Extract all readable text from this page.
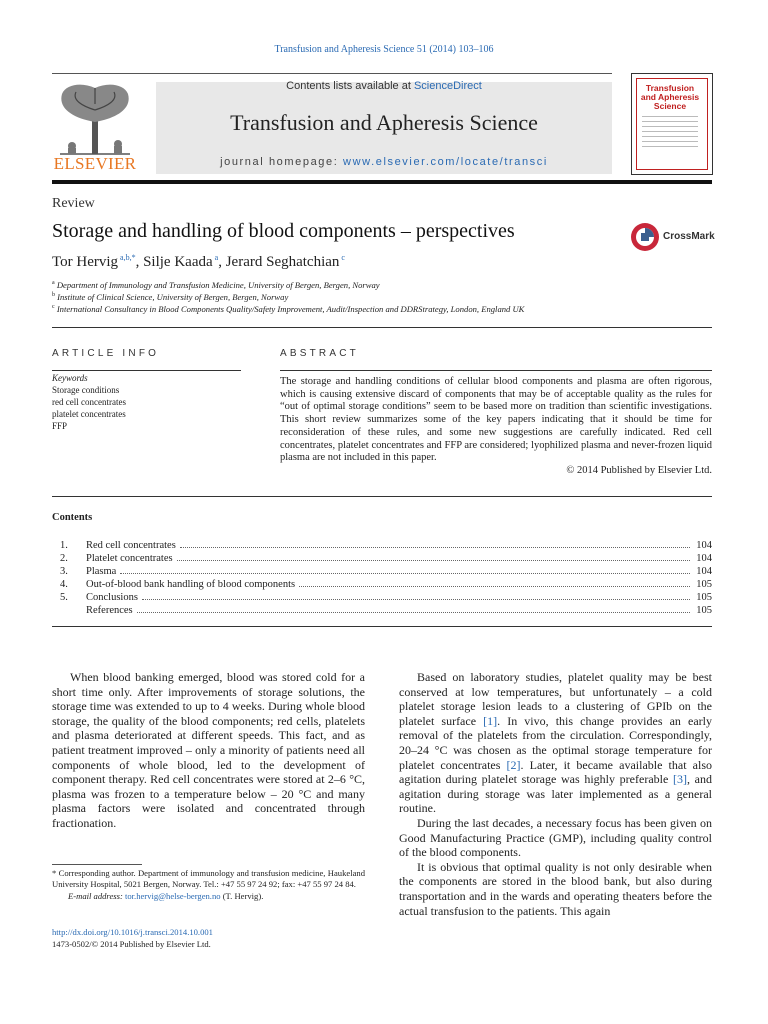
Transfusion and Apheresis Science 51 (2014) 103–106
ELSEVIER
Contents lists available at ScienceDirect
Transfusion and Apheresis Science
journal homepage: www.elsevier.com/locate/transci
Transfusion and Apheresis Science
Review
Storage and handling of blood components – perspectives	CrossMark
Tor Hervig $^{a,b,*}$, Silje Kaada $^a$, Jerard Seghatchian $^c$
$^a$ Department of Immunology and Transfusion Medicine, University of Bergen, Bergen, Norway
$^b$ Institute of Clinical Science, University of Bergen, Bergen, Norway
$^c$ International Consultancy in Blood Components Quality/Safety Improvement, Audit/Inspection and DDRStrategy, London, England UK
ARTICLE INFO	ABSTRACT
Keywords
Storage conditions
red cell concentrates
platelet concentrates
FFP
The storage and handling conditions of cellular blood components and plasma are often rigorous, which is causing extensive discard of components that may be of acceptable quality as the rules for “out of optimal storage conditions” seem to be based more on tradition than scientific investigations. This short review summarizes some of the key papers indicating that it should be time for reconsideration of these rules, and some new suggestions are carefully indicated. Red cell concentrates, platelet concentrates and FFP are considered; lyophilized plasma and never-frozen liquid plasma are not included in this paper.
© 2014 Published by Elsevier Ltd.
Contents
1.	Red cell concentrates	104
2.	Platelet concentrates	104
3.	Plasma	104
4.	Out-of-blood bank handling of blood components	105
5.	Conclusions	105
References	105

When blood banking emerged, blood was stored cold for a short time only. After improvements of storage solutions, the storage time was extended to up to 4 weeks. During whole blood storage, the quality of the blood components; red cells, platelets and plasma deteriorated at different speeds. This fact, and as patient treatment improved – only a minority of patients need all components of whole blood, led to the development of component therapy. Red cell concentrates were stored at 2–6 °C, plasma was frozen to a temperature below – 20 °C and many plasma factors were isolated and concentrated through fractionation.

Based on laboratory studies, platelet quality may be best conserved at low temperatures, but unfortunately – a cold platelet storage lesion leads to a clustering of GPIb on the platelet surface [1]. In vivo, this change provides an early removal of the platelets from the circulation. Correspondingly, 20–24 °C was chosen as the optimal storage temperature for platelet concentrates [2]. Later, it became available that also agitation during platelet storage was highly preferable [3], and agitation during storage was later implemented as a general routine.

During the last decades, a necessary focus has been given on Good Manufacturing Practice (GMP), including quality control of the blood components.

It is obvious that optimal quality is not only desirable when the components are stored in the blood bank, but also during transportation and in the wards and operating theaters before the actual transfusion to the patients. This again

* Corresponding author. Department of immunology and transfusion medicine, Haukeland University Hospital, 5021 Bergen, Norway. Tel.: +47 55 97 24 92; fax: +47 55 97 24 84.
E-mail address: tor.hervig@helse-bergen.no (T. Hervig).
http://dx.doi.org/10.1016/j.transci.2014.10.001
1473-0502/© 2014 Published by Elsevier Ltd.
